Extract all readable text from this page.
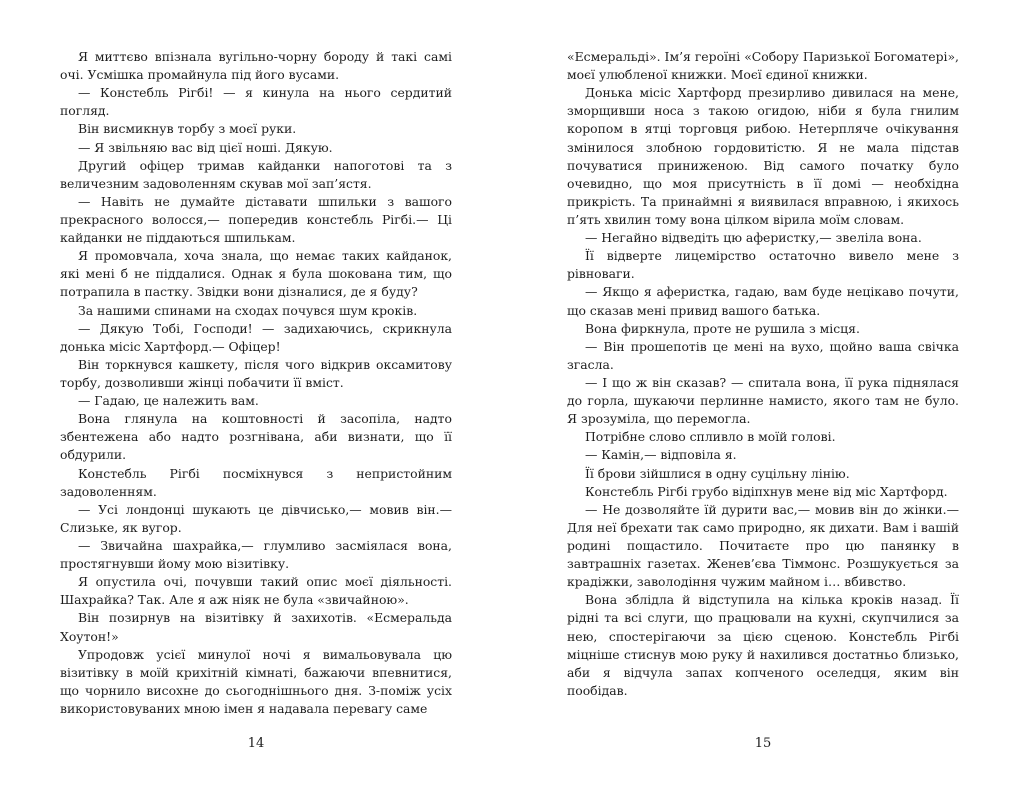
Я миттєво впізнала вугільно-чорну бороду й такі самі очі. Усмішка промайнула під його вусами.

— Констебль Рігбі! — я кинула на нього сердитий погляд.

Він висмикнув торбу з моєї руки.

— Я звільняю вас від цієї ноші. Дякую.

Другий офіцер тримав кайданки напоготові та з величезним задоволенням скував мої зап’ястя.

— Навіть не думайте діставати шпильки з вашого прекрасного волосся,— попередив констебль Рігбі.— Ці кайданки не піддаються шпилькам.

Я промовчала, хоча знала, що немає таких кайданок, які мені б не піддалися. Однак я була шокована тим, що потрапила в пастку. Звідки вони дізналися, де я буду?

За нашими спинами на сходах почувся шум кроків.

— Дякую Тобі, Господи! — задихаючись, скрикнула донька місіс Хартфорд.— Офіцер!

Він торкнувся кашкету, після чого відкрив оксамитову торбу, дозволивши жінці побачити її вміст.

— Гадаю, це належить вам.

Вона глянула на коштовності й засопіла, надто збентежена або надто розгнівана, аби визнати, що її обдурили.

Констебль Рігбі посміхнувся з непристойним задоволенням.

— Усі лондонці шукають це дівчисько,— мовив він.— Слизьке, як вугор.

— Звичайна шахрайка,— глумливо засміялася вона, простягнувши йому мою візитівку.

Я опустила очі, почувши такий опис моєї діяльності. Шахрайка? Так. Але я аж ніяк не була «звичайною».

Він позирнув на візитівку й захихотів. «Есмеральда Хоутон!»

Упродовж усієї минулої ночі я вимальовувала цю візитівку в моїй крихітній кімнаті, бажаючи впевнитися, що чорнило висохне до сьогоднішнього дня. З-поміж усіх використовуваних мною імен я надавала перевагу саме

14

«Есмеральді». Ім’я героїні «Собору Паризької Богоматері», моєї улюбленої книжки. Моєї єдиної книжки.

Донька місіс Хартфорд презирливо дивилася на мене, зморщивши носа з такою огидою, ніби я була гнилим коропом в ятці торговця рибою. Нетерпляче очікування змінилося злобною гордовитістю. Я не мала підстав почуватися приниженою. Від самого початку було очевидно, що моя присутність в її домі — необхідна прикрість. Та принаймні я виявилася вправною, і якихось п’ять хвилин тому вона цілком вірила моїм словам.

— Негайно відведіть цю аферистку,— звеліла вона.

Її відверте лицемірство остаточно вивело мене з рівноваги.

— Якщо я аферистка, гадаю, вам буде нецікаво почути, що сказав мені привид вашого батька.

Вона фиркнула, проте не рушила з місця.

— Він прошепотів це мені на вухо, щойно ваша свічка згасла.

— І що ж він сказав? — спитала вона, її рука піднялася до горла, шукаючи перлинне намисто, якого там не було. Я зрозуміла, що перемогла.

Потрібне слово спливло в моїй голові.

— Камін,— відповіла я.

Її брови зійшлися в одну суцільну лінію.

Констебль Рігбі грубо відіпхнув мене від міс Хартфорд.

— Не дозволяйте їй дурити вас,— мовив він до жінки.— Для неї брехати так само природно, як дихати. Вам і вашій родині пощастило. Почитаєте про цю панянку в завтрашніх газетах. Женев’єва Тіммонс. Розшукується за крадіжки, заволодіння чужим майном і… вбивство.

Вона зблідла й відступила на кілька кроків назад. Її рідні та всі слуги, що працювали на кухні, скупчилися за нею, спостерігаючи за цією сценою. Констебль Рігбі міцніше стиснув мою руку й нахилився достатньо близько, аби я відчула запах копченого оселедця, яким він пообідав.

15
